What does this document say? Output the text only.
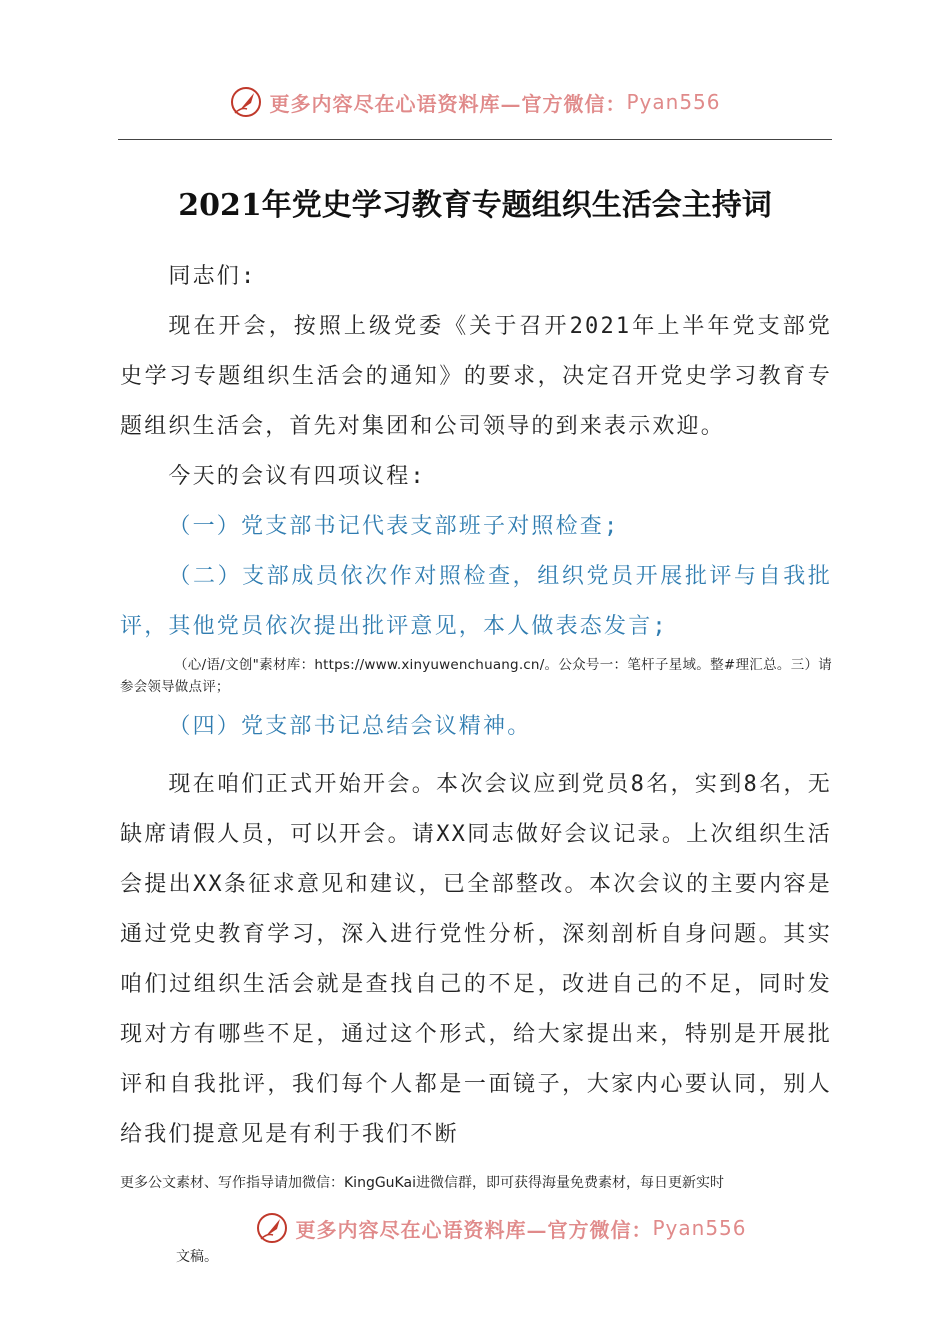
更多内容尽在心语资料库—官方微信： Pyan556
2021年党史学习教育专题组织生活会主持词

同志们:

现在开会，按照上级党委《关于召开2021年上半年党支部党史学习专题组织生活会的通知》的要求，决定召开党史学习教育专题组织生活会，首先对集团和公司领导的到来表示欢迎。

今天的会议有四项议程:

（一）党支部书记代表支部班子对照检查;

（二）支部成员依次作对照检查，组织党员开展批评与自我批评，其他党员依次提出批评意见，本人做表态发言;

（心/语/文创"素材库：https://www.xinyuwenchuang.cn/。公众号一：笔杆子星域。整#理汇总。三）请参会领导做点评；

（四）党支部书记总结会议精神。

现在咱们正式开始开会。本次会议应到党员8名，实到8名，无缺席请假人员，可以开会。请XX同志做好会议记录。上次组织生活会提出XX条征求意见和建议，已全部整改。本次会议的主要内容是通过党史教育学习，深入进行党性分析，深刻剖析自身问题。其实咱们过组织生活会就是查找自己的不足，改进自己的不足，同时发现对方有哪些不足，通过这个形式，给大家提出来，特别是开展批评和自我批评，我们每个人都是一面镜子，大家内心要认同，别人给我们提意见是有利于我们不断

更多公文素材、写作指导请加微信：KingGuKai进微信群，即可获得海量免费素材，每日更新实时
更多内容尽在心语资料库—官方微信： Pyan556
文稿。
